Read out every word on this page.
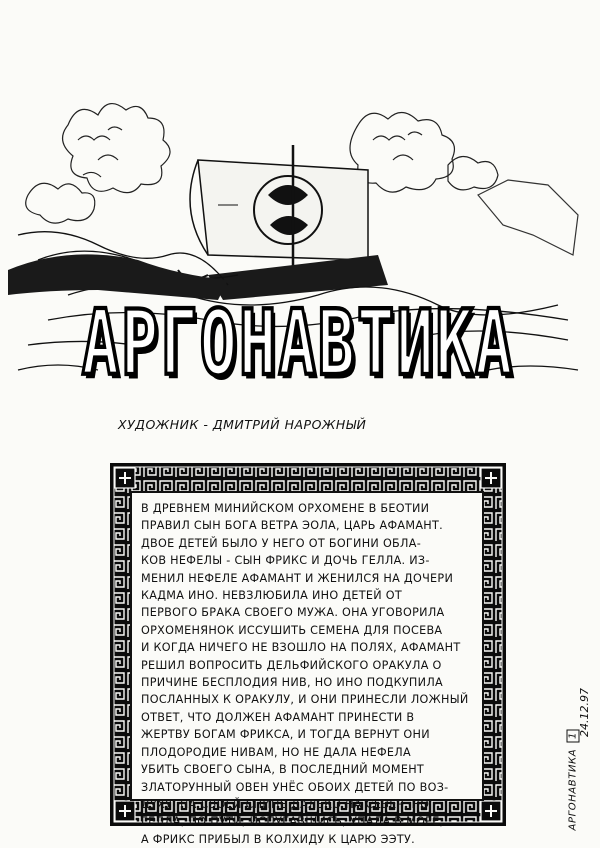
АРГОНАВТИКА
ХУДОЖНИК - ДМИТРИЙ НАРОЖНЫЙ
В ДРЕВНЕМ МИНИЙСКОМ ОРХОМЕНЕ В БЕОТИИ
ПРАВИЛ СЫН БОГА ВЕТРА ЭОЛА, ЦАРЬ АФАМАНТ.
ДВОЕ ДЕТЕЙ БЫЛО У НЕГО ОТ БОГИНИ ОБЛА-
КОВ НЕФЕЛЫ - СЫН ФРИКС И ДОЧЬ ГЕЛЛА. ИЗ-
МЕНИЛ НЕФЕЛЕ АФАМАНТ И ЖЕНИЛСЯ НА ДОЧЕРИ
КАДМА ИНО. НЕВЗЛЮБИЛА ИНО ДЕТЕЙ ОТ
ПЕРВОГО БРАКА СВОЕГО МУЖА. ОНА УГОВОРИЛА
ОРХОМЕНЯНОК ИССУШИТЬ СЕМЕНА ДЛЯ ПОСЕВА
И КОГДА НИЧЕГО НЕ ВЗОШЛО НА ПОЛЯХ, АФАМАНТ
РЕШИЛ ВОПРОСИТЬ ДЕЛЬФИЙСКОГО ОРАКУЛА О
ПРИЧИНЕ БЕСПЛОДИЯ НИВ, НО ИНО ПОДКУПИЛА
ПОСЛАННЫХ К ОРАКУЛУ, И ОНИ ПРИНЕСЛИ ЛОЖНЫЙ
ОТВЕТ, ЧТО ДОЛЖЕН АФАМАНТ ПРИНЕСТИ В
ЖЕРТВУ БОГАМ ФРИКСА, И ТОГДА ВЕРНУТ ОНИ
ПЛОДОРОДИЕ НИВАМ, НО НЕ ДАЛА НЕФЕЛА
УБИТЬ СВОЕГО СЫНА, В ПОСЛЕДНИЙ МОМЕНТ
ЗЛАТОРУННЫЙ ОВЕН УНЁС ОБОИХ ДЕТЕЙ ПО ВОЗ-
ДУХУ, НА СВОЕЙ СПИНЕ ДАЛЕКО НА СЕВЕР, НО
ГЕЛЛА, ПО ПУТИ, ИСПУГАВШИСЬ, УПАЛА В МОРЕ,
А ФРИКС ПРИБЫЛ В КОЛХИДУ К ЦАРЮ ЭЭТУ.
АРГОНАВТИКА 1 24.12.97
